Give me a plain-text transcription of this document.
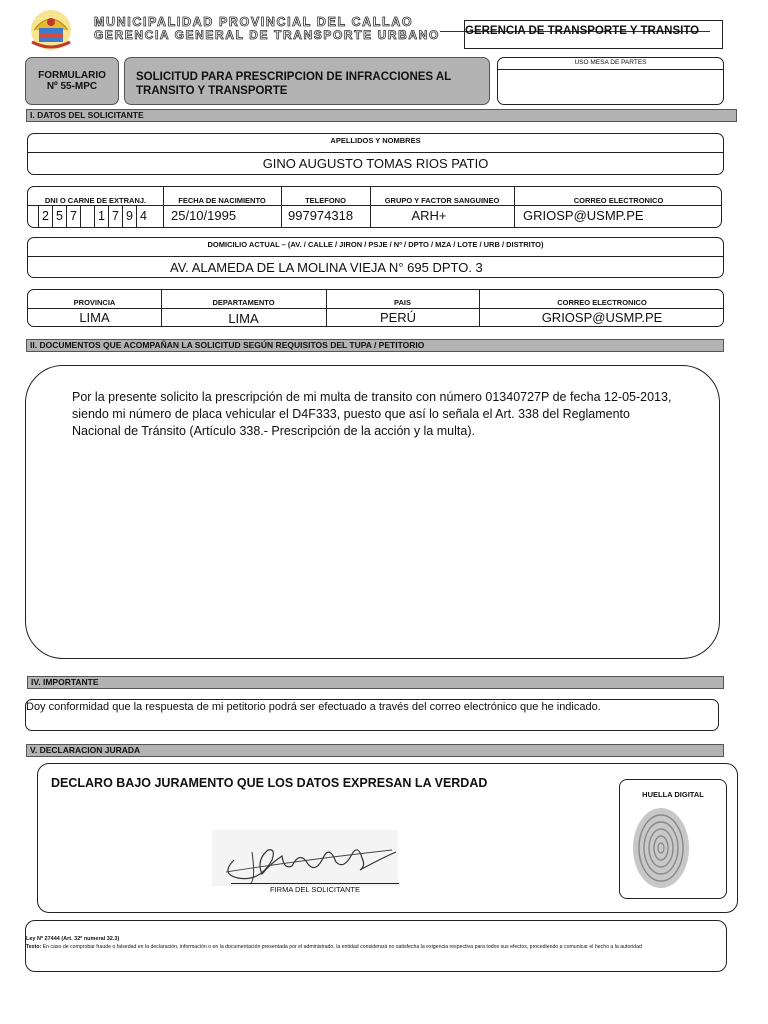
MUNICIPALIDAD PROVINCIAL DEL CALLAO
GERENCIA GENERAL DE TRANSPORTE URBANO	GERENCIA DE TRANSPORTE Y TRANSITO
FORMULARIO
Nº 55-MPC
SOLICITUD PARA PRESCRIPCION DE INFRACCIONES AL
TRANSITO Y TRANSPORTE
USO MESA DE PARTES
I. DATOS DEL SOLICITANTE
APELLIDOS Y NOMBRES
GINO AUGUSTO TOMAS RIOS PATIO
DNI O CARNE DE EXTRANJ.
2 5 7	1 7 9 4
FECHA DE NACIMIENTO
25/10/1995
TELEFONO
997974318
GRUPO Y FACTOR SANGUINEO
ARH+
CORREO ELECTRONICO
GRIOSP@USMP.PE
DOMICILIO ACTUAL – (AV. / CALLE / JIRON / PSJE / Nº / DPTO / MZA / LOTE / URB / DISTRITO)
AV. ALAMEDA DE LA MOLINA VIEJA N° 695 DPTO. 3
PROVINCIA
LIMA
DEPARTAMENTO
LIMA
PAIS
PERÚ
CORREO ELECTRONICO
GRIOSP@USMP.PE
II. DOCUMENTOS QUE ACOMPAÑAN LA SOLICITUD SEGÚN REQUISITOS DEL TUPA / PETITORIO
Por la presente solicito la prescripción de mi multa de transito con número 01340727P de fecha 12-05-2013, siendo mi número de placa vehicular el D4F333, puesto que así lo señala el Art. 338 del Reglamento Nacional de Tránsito (Artículo 338.- Prescripción de la acción y la multa).
IV. IMPORTANTE
Doy conformidad que la respuesta de mi petitorio podrá ser efectuado a través del correo electrónico que he indicado.
V. DECLARACION JURADA
DECLARO BAJO JURAMENTO QUE LOS DATOS EXPRESAN LA VERDAD
FIRMA DEL SOLICITANTE
HUELLA DIGITAL
Ley Nº 27444 (Art. 32º numeral 32.3)
Texto: En caso de comprobar fraude o falsedad en la declaración, información o en la documentación presentada por el administrado, la entidad considerará no satisfecha la exigencia respectiva para todos sus efectos, procediendo a comunicar el hecho a la autoridad
